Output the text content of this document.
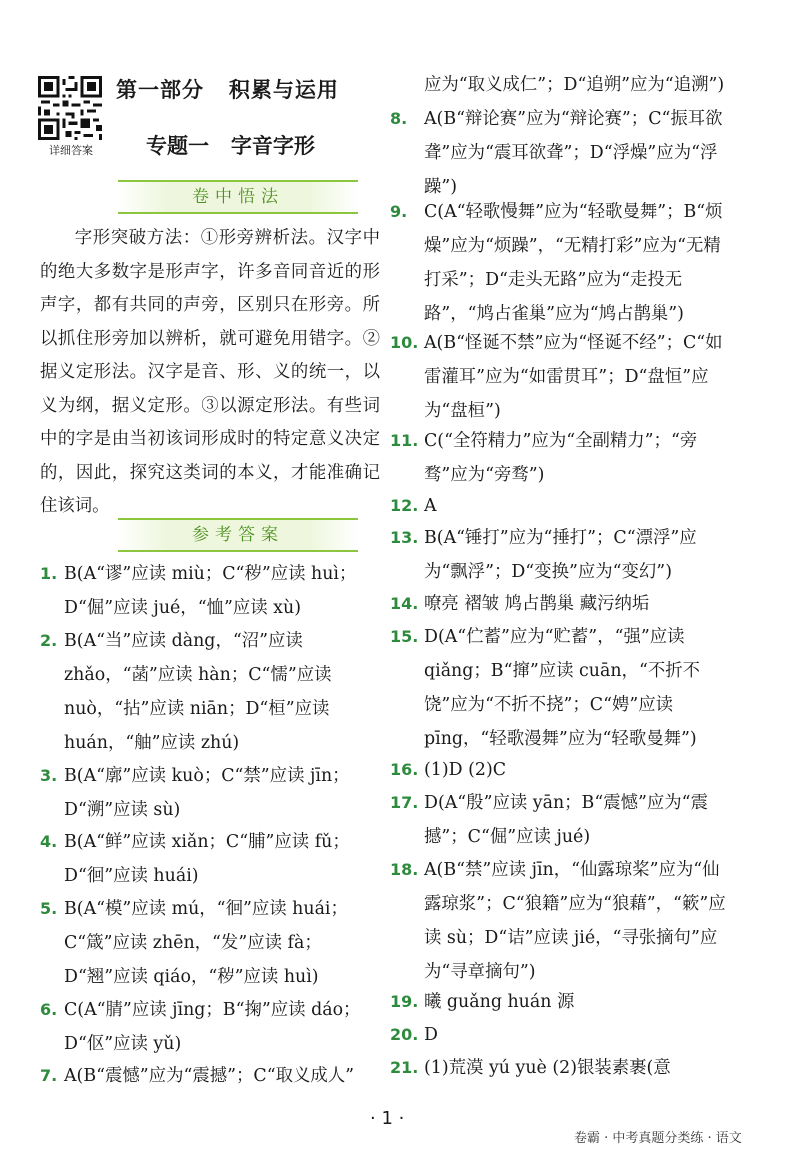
详细答案
第一部分   积累与运用
专题一   字音字形
卷中悟法
字形突破方法：①形旁辨析法。汉字中的绝大多数字是形声字，许多音同音近的形声字，都有共同的声旁，区别只在形旁。所以抓住形旁加以辨析，就可避免用错字。②据义定形法。汉字是音、形、义的统一，以义为纲，据义定形。③以源定形法。有些词中的字是由当初该词形成时的特定意义决定的，因此，探究这类词的本义，才能准确记住该词。
参考答案
1. B(A“谬”应读 miù；C“秽”应读 huì；D“倔”应读 jué，“恤”应读 xù)
2. B(A“当”应读 dàng，“沼”应读 zhǎo，“菡”应读 hàn；C“懦”应读 nuò，“拈”应读 niān；D“桓”应读 huán，“舳”应读 zhú)
3. B(A“廓”应读 kuò；C“禁”应读 jīn；D“溯”应读 sù)
4. B(A“鲜”应读 xiǎn；C“脯”应读 fǔ；D“徊”应读 huái)
5. B(A“模”应读 mú，“徊”应读 huái；C“箴”应读 zhēn，“发”应读 fà；D“翘”应读 qiáo，“秽”应读 huì)
6. C(A“腈”应读 jīng；B“掬”应读 dáo；D“伛”应读 yǔ)
7. A(B“震憾”应为“震撼”；C“取义成人”
应为“取义成仁”；D“追朔”应为“追溯”)
8. A(B“辩论赛”应为“辩论赛”；C“振耳欲聋”应为“震耳欲聋”；D“浮燥”应为“浮躁”)
9. C(A“轻歌慢舞”应为“轻歌曼舞”；B“烦燥”应为“烦躁”，“无精打彩”应为“无精打采”；D“走头无路”应为“走投无路”，“鸠占雀巢”应为“鸠占鹊巢”)
10. A(B“怪诞不禁”应为“怪诞不经”；C“如雷灌耳”应为“如雷贯耳”；D“盘恒”应为“盘桓”)
11. C(“全符精力”应为“全副精力”；“旁骛”应为“旁骛”)
12. A
13. B(A“锤打”应为“捶打”；C“漂浮”应为“飘浮”；D“变换”应为“变幻”)
14. 嘹亮 褶皱 鸠占鹊巢 藏污纳垢
15. D(A“伫蓄”应为“贮蓄”，“强”应读 qiǎng；B“撺”应读 cuān，“不折不饶”应为“不折不挠”；C“娉”应读 pīng，“轻歌漫舞”应为“轻歌曼舞”)
16. (1)D (2)C
17. D(A“殷”应读 yān；B“震憾”应为“震撼”；C“倔”应读 jué)
18. A(B“禁”应读 jīn，“仙露琼桨”应为“仙露琼浆”；C“狼籍”应为“狼藉”，“簌”应读 sù；D“诘”应读 jié，“寻张摘句”应为“寻章摘句”)
19. 曦 guǎng huán 源
20. D
21. (1)荒漠 yú yuè (2)银装素裹(意
· 1 ·
卷霸 · 中考真题分类练 · 语文
